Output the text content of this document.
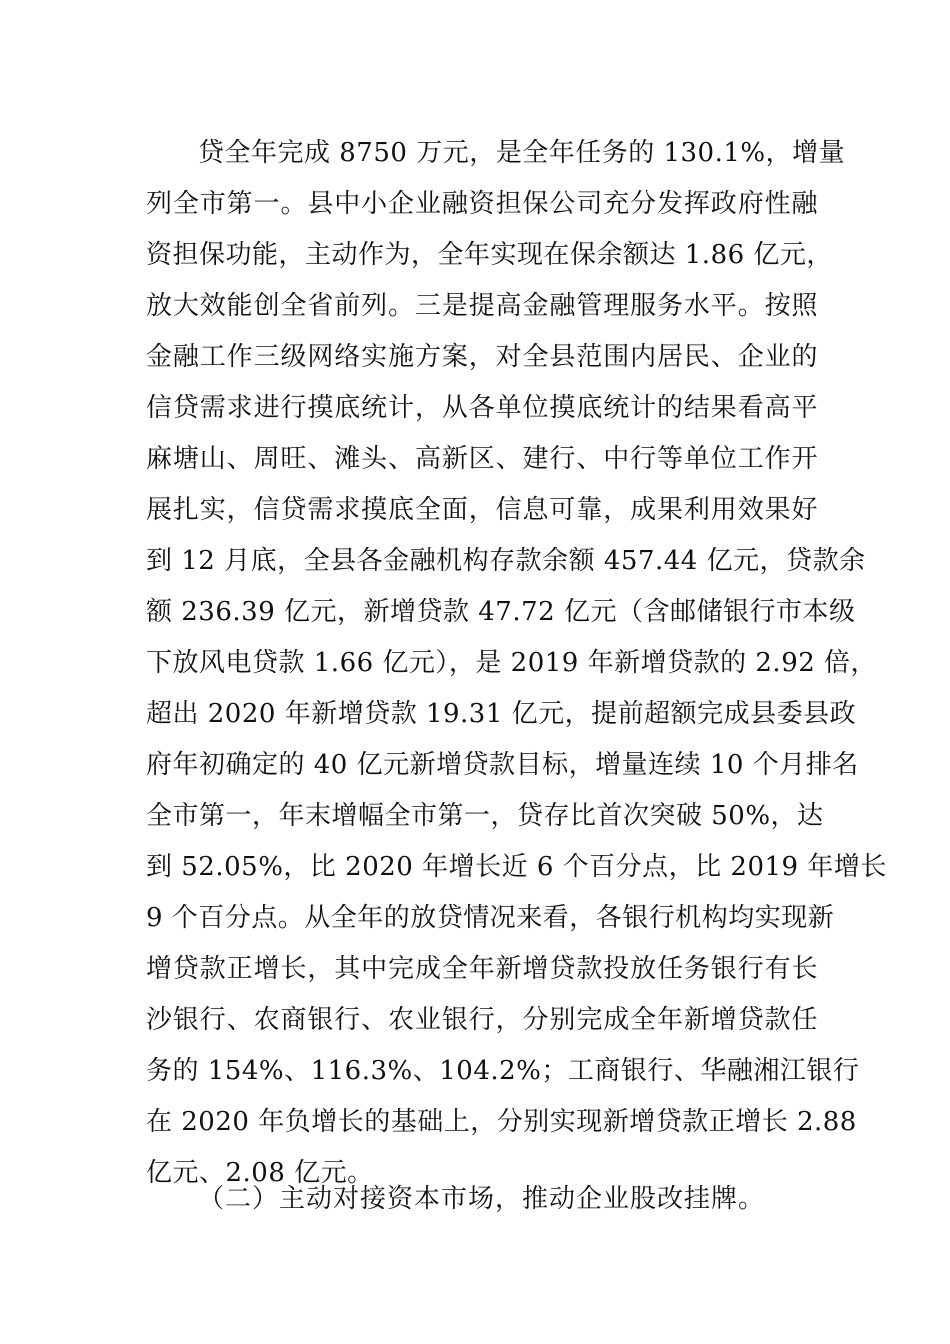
贷全年完成 8750 万元，是全年任务的 130.1%，增量
列全市第一。县中小企业融资担保公司充分发挥政府性融
资担保功能，主动作为，全年实现在保余额达 1.86 亿元，
放大效能创全省前列。三是提高金融管理服务水平。按照
金融工作三级网络实施方案，对全县范围内居民、企业的
信贷需求进行摸底统计，从各单位摸底统计的结果看高平
麻塘山、周旺、滩头、高新区、建行、中行等单位工作开
展扎实，信贷需求摸底全面，信息可靠，成果利用效果好
到 12 月底，全县各金融机构存款余额 457.44 亿元，贷款余
额 236.39 亿元，新增贷款 47.72 亿元（含邮储银行市本级
下放风电贷款 1.66 亿元），是 2019 年新增贷款的 2.92 倍，
超出 2020 年新增贷款 19.31 亿元，提前超额完成县委县政
府年初确定的 40 亿元新增贷款目标，增量连续 10 个月排名
全市第一，年末增幅全市第一，贷存比首次突破 50%，达
到 52.05%，比 2020 年增长近 6 个百分点，比 2019 年增长
9 个百分点。从全年的放贷情况来看，各银行机构均实现新
增贷款正增长，其中完成全年新增贷款投放任务银行有长
沙银行、农商银行、农业银行，分别完成全年新增贷款任
务的 154%、116.3%、104.2%；工商银行、华融湘江银行
在 2020 年负增长的基础上，分别实现新增贷款正增长 2.88
亿元、2.08 亿元。
（二）主动对接资本市场，推动企业股改挂牌。
